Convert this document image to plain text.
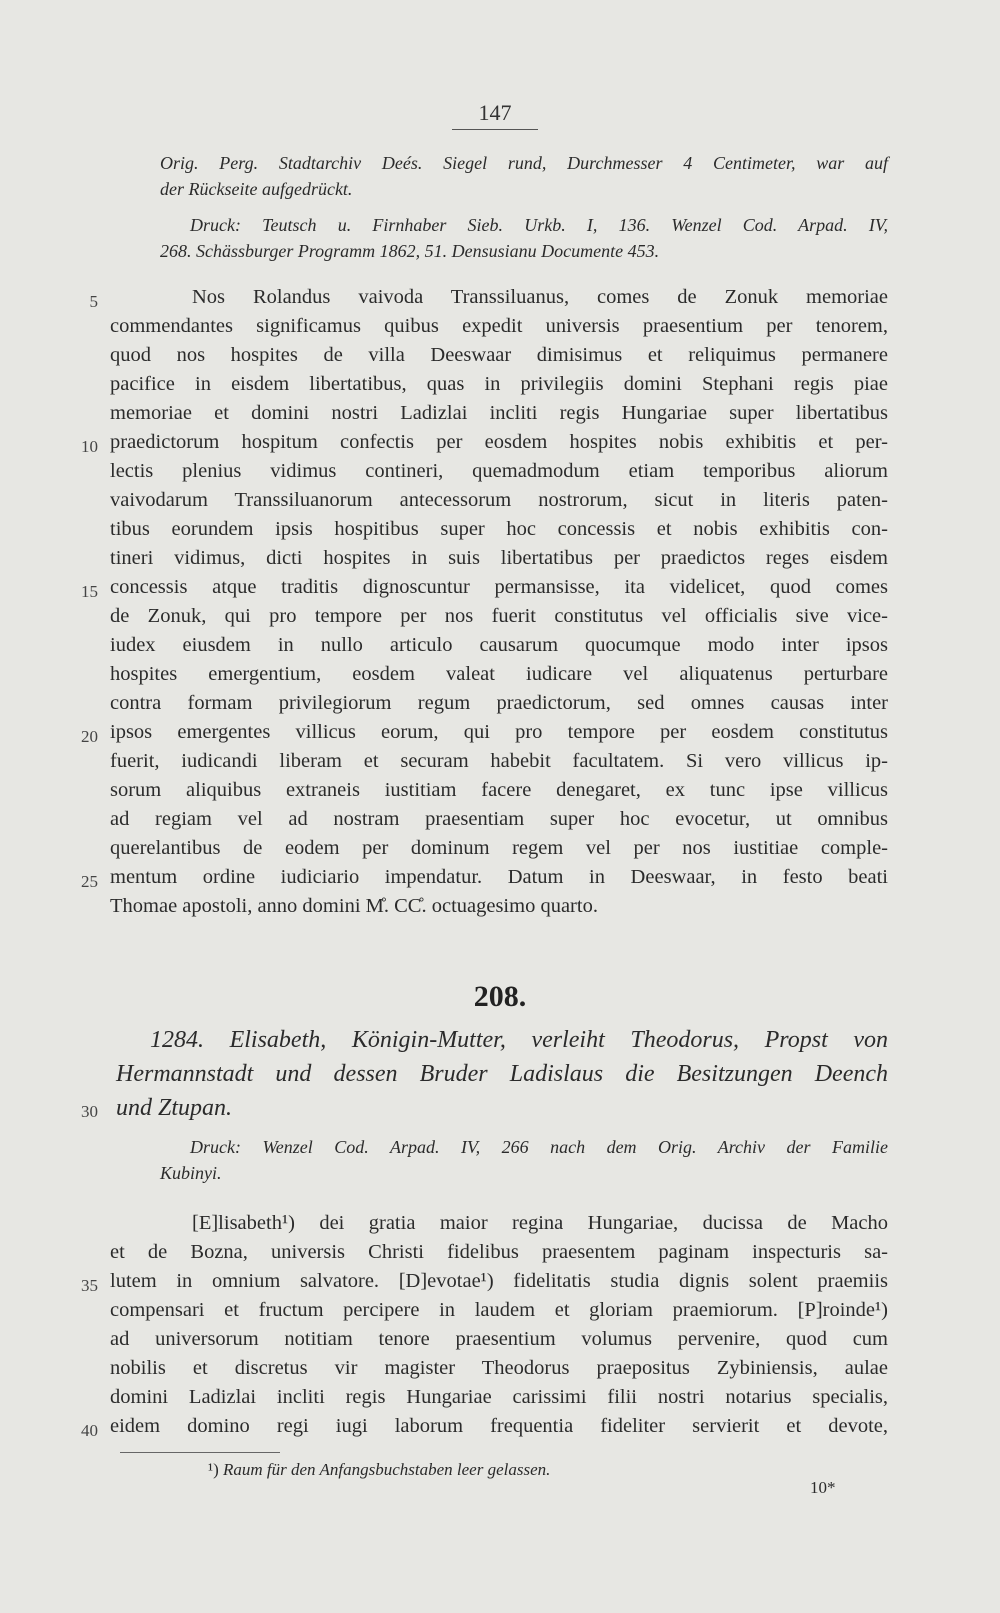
147
Orig. Perg. Stadtarchiv Deés. Siegel rund, Durchmesser 4 Centimeter, war auf
der Rückseite aufgedrückt.
Druck: Teutsch u. Firnhaber Sieb. Urkb. I, 136. Wenzel Cod. Arpad. IV,
268. Schässburger Programm 1862, 51. Densusianu Documente 453.
Nos Rolandus vaivoda Transsiluanus, comes de Zonuk memoriae
commendantes significamus quibus expedit universis praesentium per tenorem,
quod nos hospites de villa Deeswaar dimisimus et reliquimus permanere
pacifice in eisdem libertatibus, quas in privilegiis domini Stephani regis piae
memoriae et domini nostri Ladizlai incliti regis Hungariae super libertatibus
praedictorum hospitum confectis per eosdem hospites nobis exhibitis et per-
lectis plenius vidimus contineri, quemadmodum etiam temporibus aliorum
vaivodarum Transsiluanorum antecessorum nostrorum, sicut in literis paten-
tibus eorundem ipsis hospitibus super hoc concessis et nobis exhibitis con-
tineri vidimus, dicti hospites in suis libertatibus per praedictos reges eisdem
concessis atque traditis dignoscuntur permansisse, ita videlicet, quod comes
de Zonuk, qui pro tempore per nos fuerit constitutus vel officialis sive vice-
iudex eiusdem in nullo articulo causarum quocumque modo inter ipsos
hospites emergentium, eosdem valeat iudicare vel aliquatenus perturbare
contra formam privilegiorum regum praedictorum, sed omnes causas inter
ipsos emergentes villicus eorum, qui pro tempore per eosdem constitutus
fuerit, iudicandi liberam et securam habebit facultatem. Si vero villicus ip-
sorum aliquibus extraneis iustitiam facere denegaret, ex tunc ipse villicus
ad regiam vel ad nostram praesentiam super hoc evocetur, ut omnibus
querelantibus de eodem per dominum regem vel per nos iustitiae comple-
mentum ordine iudiciario impendatur. Datum in Deeswaar, in festo beati
Thomae apostoli, anno domini M̊. CC̊. octuagesimo quarto.
5
10
15
20
25
30
35
40
208.
1284. Elisabeth, Königin-Mutter, verleiht Theodorus, Propst von
Hermannstadt und dessen Bruder Ladislaus die Besitzungen Deench
und Ztupan.
Druck: Wenzel Cod. Arpad. IV, 266 nach dem Orig. Archiv der Familie
Kubinyi.
[E]lisabeth¹) dei gratia maior regina Hungariae, ducissa de Macho
et de Bozna, universis Christi fidelibus praesentem paginam inspecturis sa-
lutem in omnium salvatore. [D]evotae¹) fidelitatis studia dignis solent praemiis
compensari et fructum percipere in laudem et gloriam praemiorum. [P]roinde¹)
ad universorum notitiam tenore praesentium volumus pervenire, quod cum
nobilis et discretus vir magister Theodorus praepositus Zybiniensis, aulae
domini Ladizlai incliti regis Hungariae carissimi filii nostri notarius specialis,
eidem domino regi iugi laborum frequentia fideliter servierit et devote,
¹) Raum für den Anfangsbuchstaben leer gelassen.
10*
